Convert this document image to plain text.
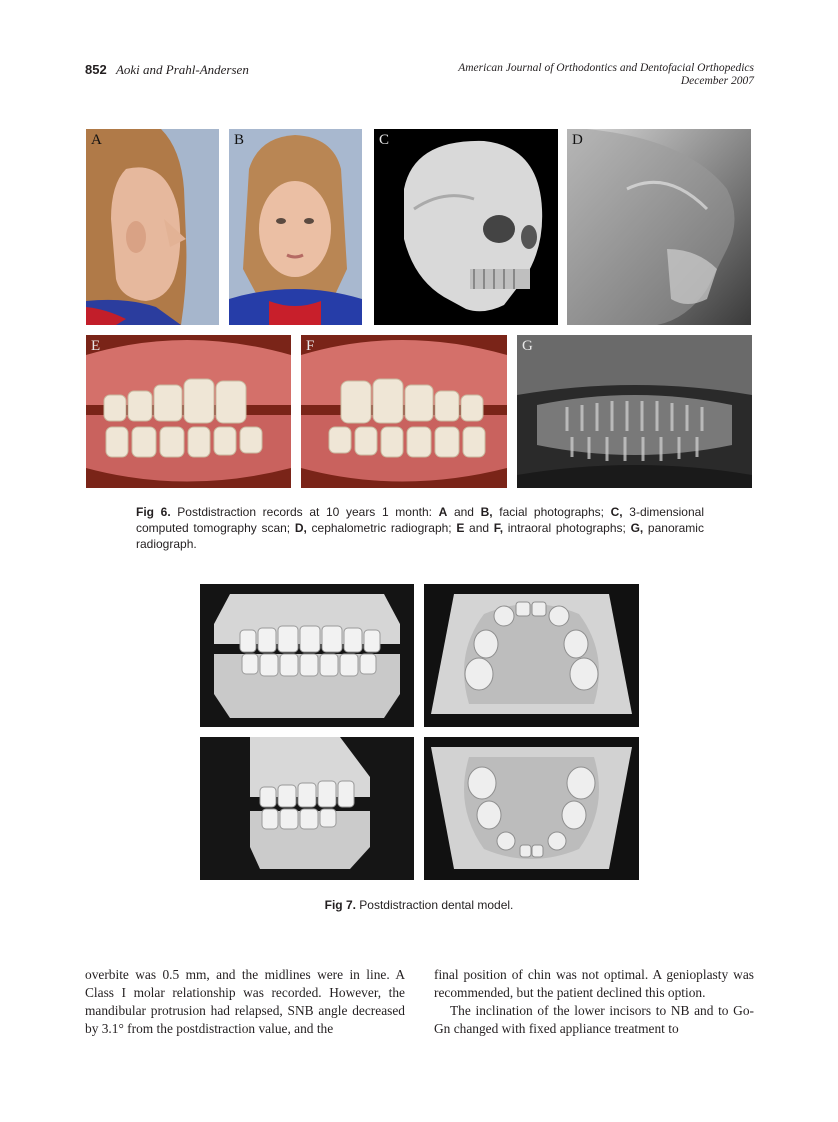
852 Aoki and Prahl-Andersen	American Journal of Orthodontics and Dentofacial Orthopedics
December 2007
A	B	C	D
E	F	G
Fig 6. Postdistraction records at 10 years 1 month: A and B, facial photographs; C, 3-dimensional computed tomography scan; D, cephalometric radiograph; E and F, intraoral photographs; G, panoramic radiograph.
Fig 7. Postdistraction dental model.
overbite was 0.5 mm, and the midlines were in line. A Class I molar relationship was recorded. However, the mandibular protrusion had relapsed, SNB angle decreased by 3.1° from the postdistraction value, and the
final position of chin was not optimal. A genioplasty was recommended, but the patient declined this option.
The inclination of the lower incisors to NB and to Go-Gn changed with fixed appliance treatment to
